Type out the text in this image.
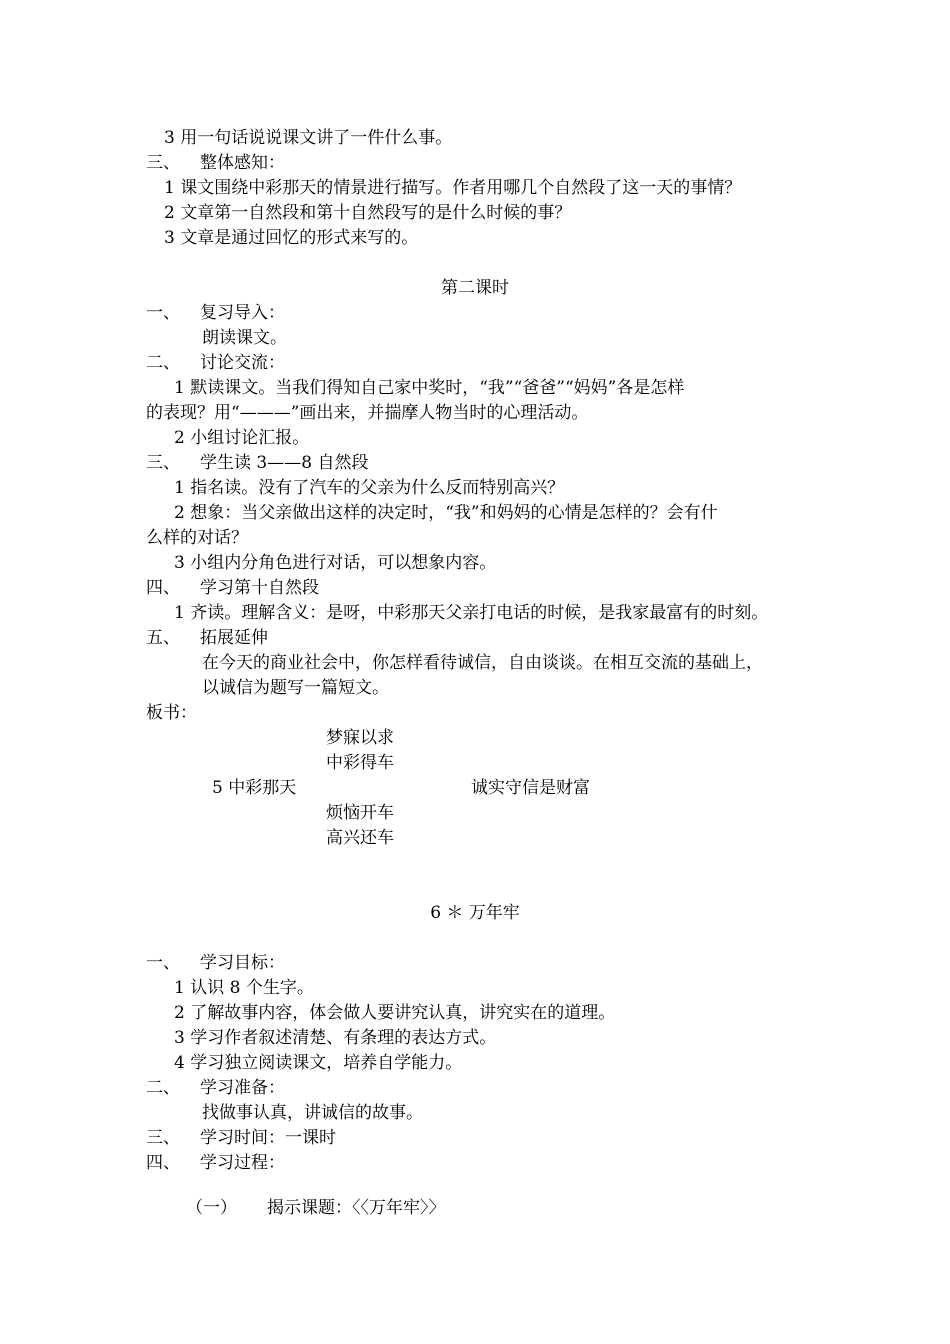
3 用一句话说说课文讲了一件什么事。
三、 整体感知：
1 课文围绕中彩那天的情景进行描写。作者用哪几个自然段了这一天的事情？
2 文章第一自然段和第十自然段写的是什么时候的事？
3 文章是通过回忆的形式来写的。
第二课时
一、 复习导入：
朗读课文。
二、 讨论交流：
1 默读课文。当我们得知自己家中奖时，“我”“爸爸”“妈妈”各是怎样
的表现？用“———”画出来，并揣摩人物当时的心理活动。
2 小组讨论汇报。
三、 学生读 3——8 自然段
1 指名读。没有了汽车的父亲为什么反而特别高兴？
2 想象：当父亲做出这样的决定时，“我”和妈妈的心情是怎样的？会有什
么样的对话？
3 小组内分角色进行对话，可以想象内容。
四、 学习第十自然段
1 齐读。理解含义：是呀，中彩那天父亲打电话的时候，是我家最富有的时刻。
五、 拓展延伸
在今天的商业社会中，你怎样看待诚信，自由谈谈。在相互交流的基础上，
以诚信为题写一篇短文。
板书：
梦寐以求
中彩得车
5 中彩那天	诚实守信是财富
烦恼开车
高兴还车
6 ＊ 万年牢
一、 学习目标：
1 认识 8 个生字。
2 了解故事内容，体会做人要讲究认真，讲究实在的道理。
3 学习作者叙述清楚、有条理的表达方式。
4 学习独立阅读课文，培养自学能力。
二、 学习准备：
找做事认真，讲诚信的故事。
三、 学习时间：一课时
四、 学习过程：
（一） 揭示课题：〈〈万年牢〉〉
